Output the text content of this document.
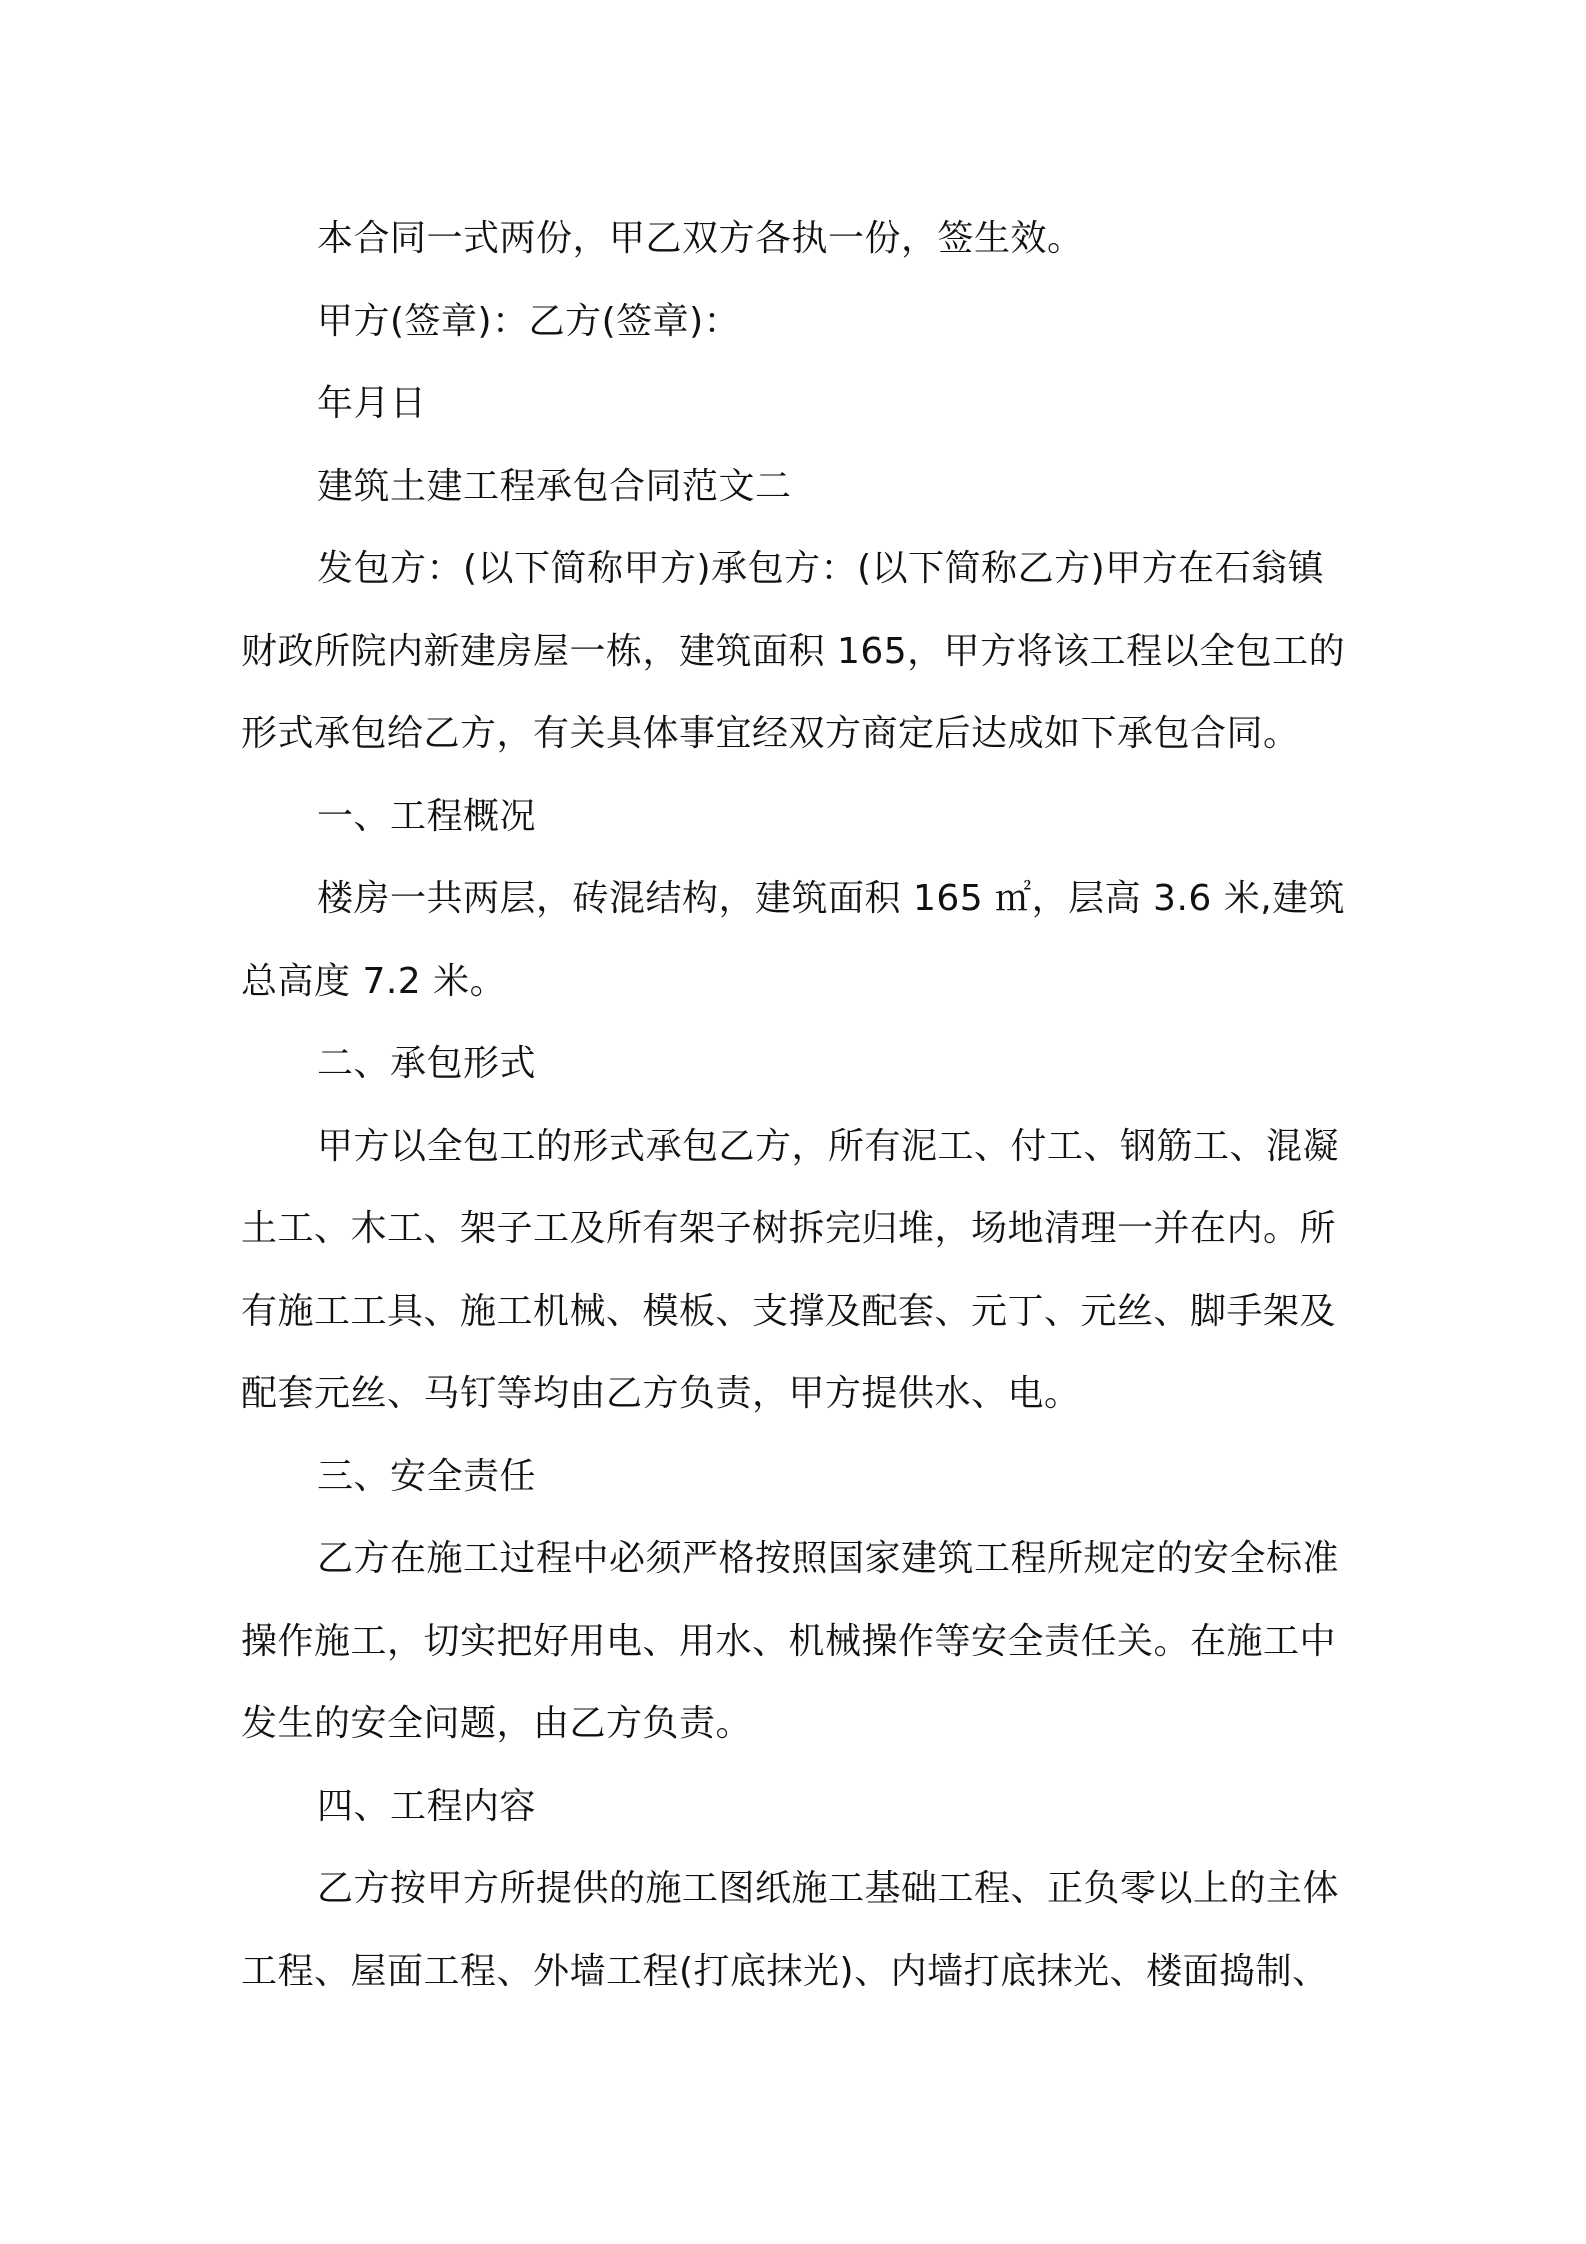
本合同一式两份，甲乙双方各执一份，签生效。

甲方(签章)：乙方(签章)：

年月日

建筑土建工程承包合同范文二

发包方：(以下简称甲方)承包方：(以下简称乙方)甲方在石翁镇财政所院内新建房屋一栋，建筑面积 165，甲方将该工程以全包工的形式承包给乙方，有关具体事宜经双方商定后达成如下承包合同。

一、工程概况

楼房一共两层，砖混结构，建筑面积 165 ㎡，层高 3.6 米,建筑总高度 7.2 米。

二、承包形式

甲方以全包工的形式承包乙方，所有泥工、付工、钢筋工、混凝土工、木工、架子工及所有架子树拆完归堆，场地清理一并在内。所有施工工具、施工机械、模板、支撑及配套、元丁、元丝、脚手架及配套元丝、马钉等均由乙方负责，甲方提供水、电。

三、安全责任

乙方在施工过程中必须严格按照国家建筑工程所规定的安全标准操作施工，切实把好用电、用水、机械操作等安全责任关。在施工中发生的安全问题，由乙方负责。

四、工程内容

乙方按甲方所提供的施工图纸施工基础工程、正负零以上的主体工程、屋面工程、外墙工程(打底抹光)、内墙打底抹光、楼面捣制、
